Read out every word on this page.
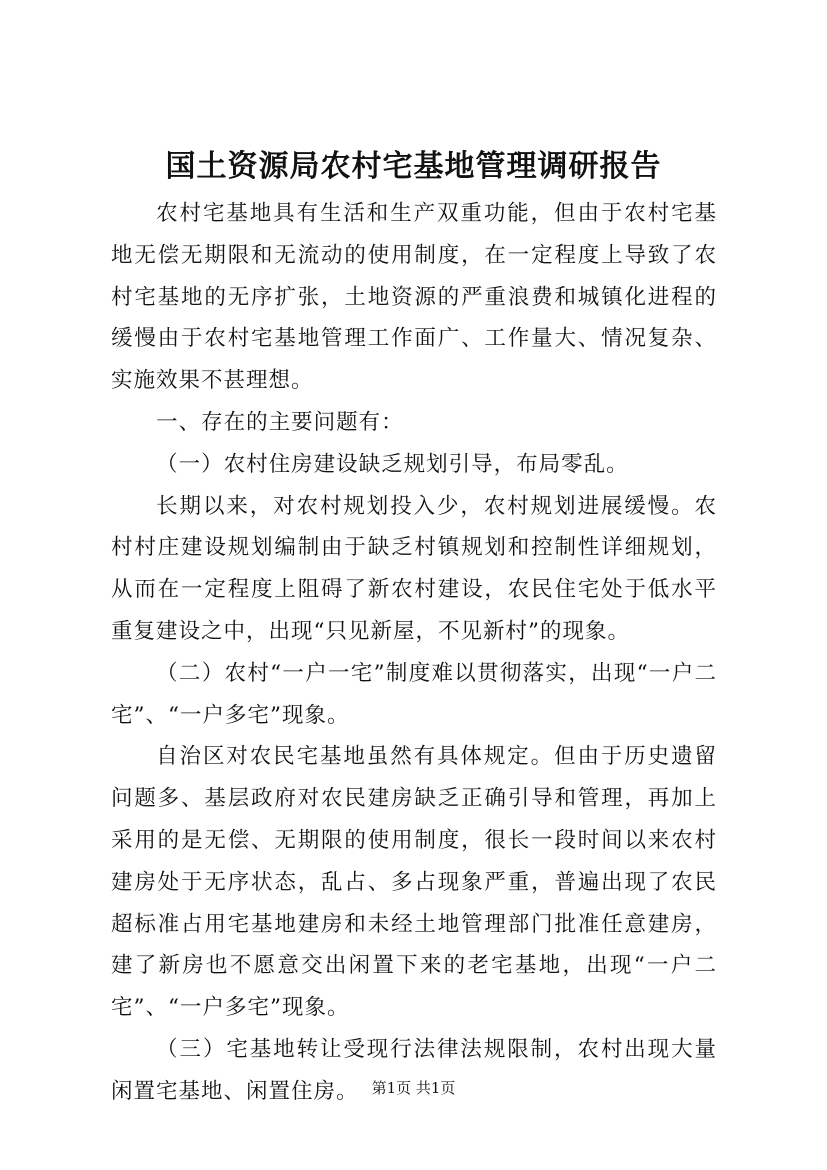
国土资源局农村宅基地管理调研报告

农村宅基地具有生活和生产双重功能，但由于农村宅基地无偿无期限和无流动的使用制度，在一定程度上导致了农村宅基地的无序扩张，土地资源的严重浪费和城镇化进程的缓慢由于农村宅基地管理工作面广、工作量大、情况复杂、实施效果不甚理想。

一、存在的主要问题有：

（一）农村住房建设缺乏规划引导，布局零乱。

长期以来，对农村规划投入少，农村规划进展缓慢。农村村庄建设规划编制由于缺乏村镇规划和控制性详细规划，从而在一定程度上阻碍了新农村建设，农民住宅处于低水平重复建设之中，出现“只见新屋，不见新村”的现象。

（二）农村“一户一宅”制度难以贯彻落实，出现“一户二宅”、“一户多宅”现象。

自治区对农民宅基地虽然有具体规定。但由于历史遗留问题多、基层政府对农民建房缺乏正确引导和管理，再加上采用的是无偿、无期限的使用制度，很长一段时间以来农村建房处于无序状态，乱占、多占现象严重，普遍出现了农民超标准占用宅基地建房和未经土地管理部门批准任意建房，建了新房也不愿意交出闲置下来的老宅基地，出现“一户二宅”、“一户多宅”现象。

（三）宅基地转让受现行法律法规限制，农村出现大量闲置宅基地、闲置住房。 第1页 共1页
